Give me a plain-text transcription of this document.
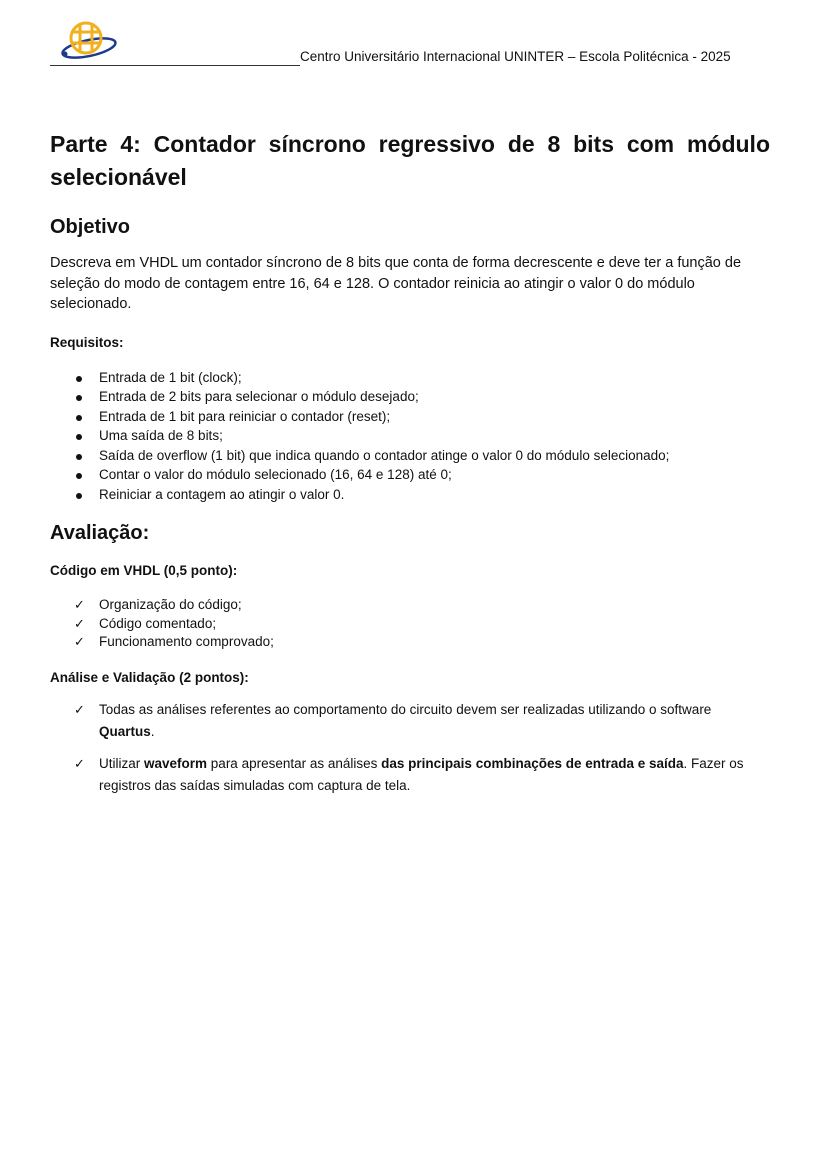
Centro Universitário Internacional UNINTER – Escola Politécnica - 2025
Parte 4: Contador síncrono regressivo de 8 bits com módulo selecionável
Objetivo

Descreva em VHDL um contador síncrono de 8 bits que conta de forma decrescente e deve ter a função de seleção do modo de contagem entre 16, 64 e 128. O contador reinicia ao atingir o valor 0 do módulo selecionado.

Requisitos:
Entrada de 1 bit (clock);
Entrada de 2 bits para selecionar o módulo desejado;
Entrada de 1 bit para reiniciar o contador (reset);
Uma saída de 8 bits;
Saída de overflow (1 bit) que indica quando o contador atinge o valor 0 do módulo selecionado;
Contar o valor do módulo selecionado (16, 64 e 128) até 0;
Reiniciar a contagem ao atingir o valor 0.
Avaliação:
Código em VHDL (0,5 ponto):
✓ Organização do código;
✓ Código comentado;
✓ Funcionamento comprovado;
Análise e Validação (2 pontos):
✓ Todas as análises referentes ao comportamento do circuito devem ser realizadas utilizando o software Quartus.
✓ Utilizar waveform para apresentar as análises das principais combinações de entrada e saída. Fazer os registros das saídas simuladas com captura de tela.
